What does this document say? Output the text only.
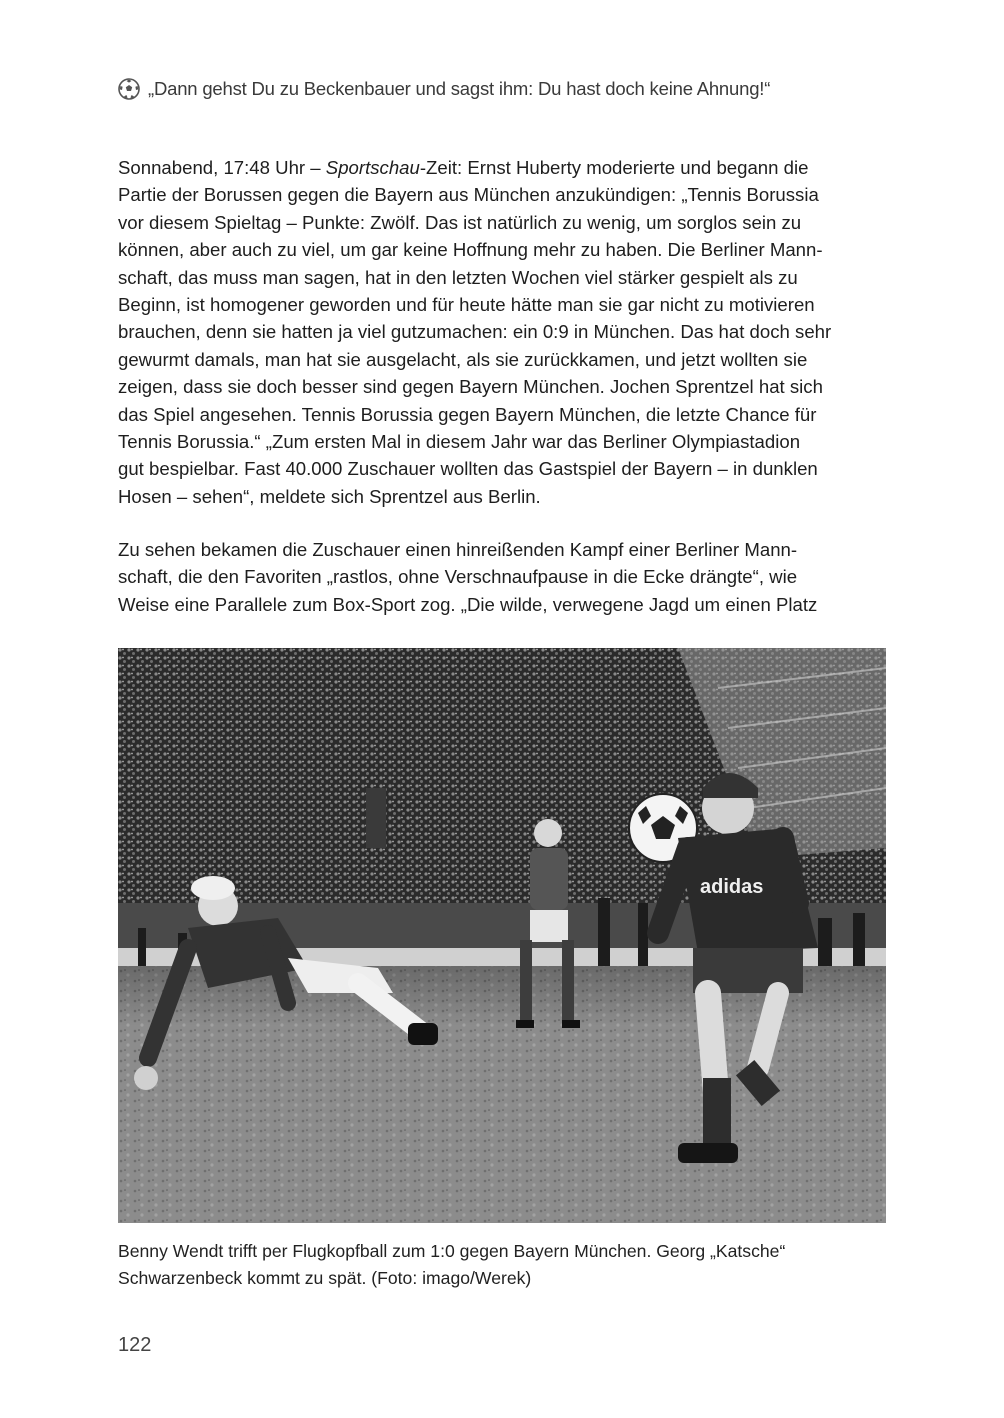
„Dann gehst Du zu Beckenbauer und sagst ihm: Du hast doch keine Ahnung!“

Sonnabend, 17:48 Uhr – Sportschau-Zeit: Ernst Huberty moderierte und begann die
Partie der Borussen gegen die Bayern aus München anzukündigen: „Tennis Borussia
vor diesem Spieltag – Punkte: Zwölf. Das ist natürlich zu wenig, um sorglos sein zu
können, aber auch zu viel, um gar keine Hoffnung mehr zu haben. Die Berliner Mann-
schaft, das muss man sagen, hat in den letzten Wochen viel stärker gespielt als zu
Beginn, ist homogener geworden und für heute hätte man sie gar nicht zu motivieren
brauchen, denn sie hatten ja viel gutzumachen: ein 0:9 in München. Das hat doch sehr
gewurmt damals, man hat sie ausgelacht, als sie zurückkamen, und jetzt wollten sie
zeigen, dass sie doch besser sind gegen Bayern München. Jochen Sprentzel hat sich
das Spiel angesehen. Tennis Borussia gegen Bayern München, die letzte Chance für
Tennis Borussia.“ „Zum ersten Mal in diesem Jahr war das Berliner Olympiastadion
gut bespielbar. Fast 40.000 Zuschauer wollten das Gastspiel der Bayern – in dunklen
Hosen – sehen“, meldete sich Sprentzel aus Berlin.

Zu sehen bekamen die Zuschauer einen hinreißenden Kampf einer Berliner Mann-
schaft, die den Favoriten „rastlos, ohne Verschnaufpause in die Ecke drängte“, wie
Weise eine Parallele zum Box-Sport zog. „Die wilde, verwegene Jagd um einen Platz

adidas

Benny Wendt trifft per Flugkopfball zum 1:0 gegen Bayern München. Georg „Katsche“
Schwarzenbeck kommt zu spät. (Foto: imago/Werek)

122
